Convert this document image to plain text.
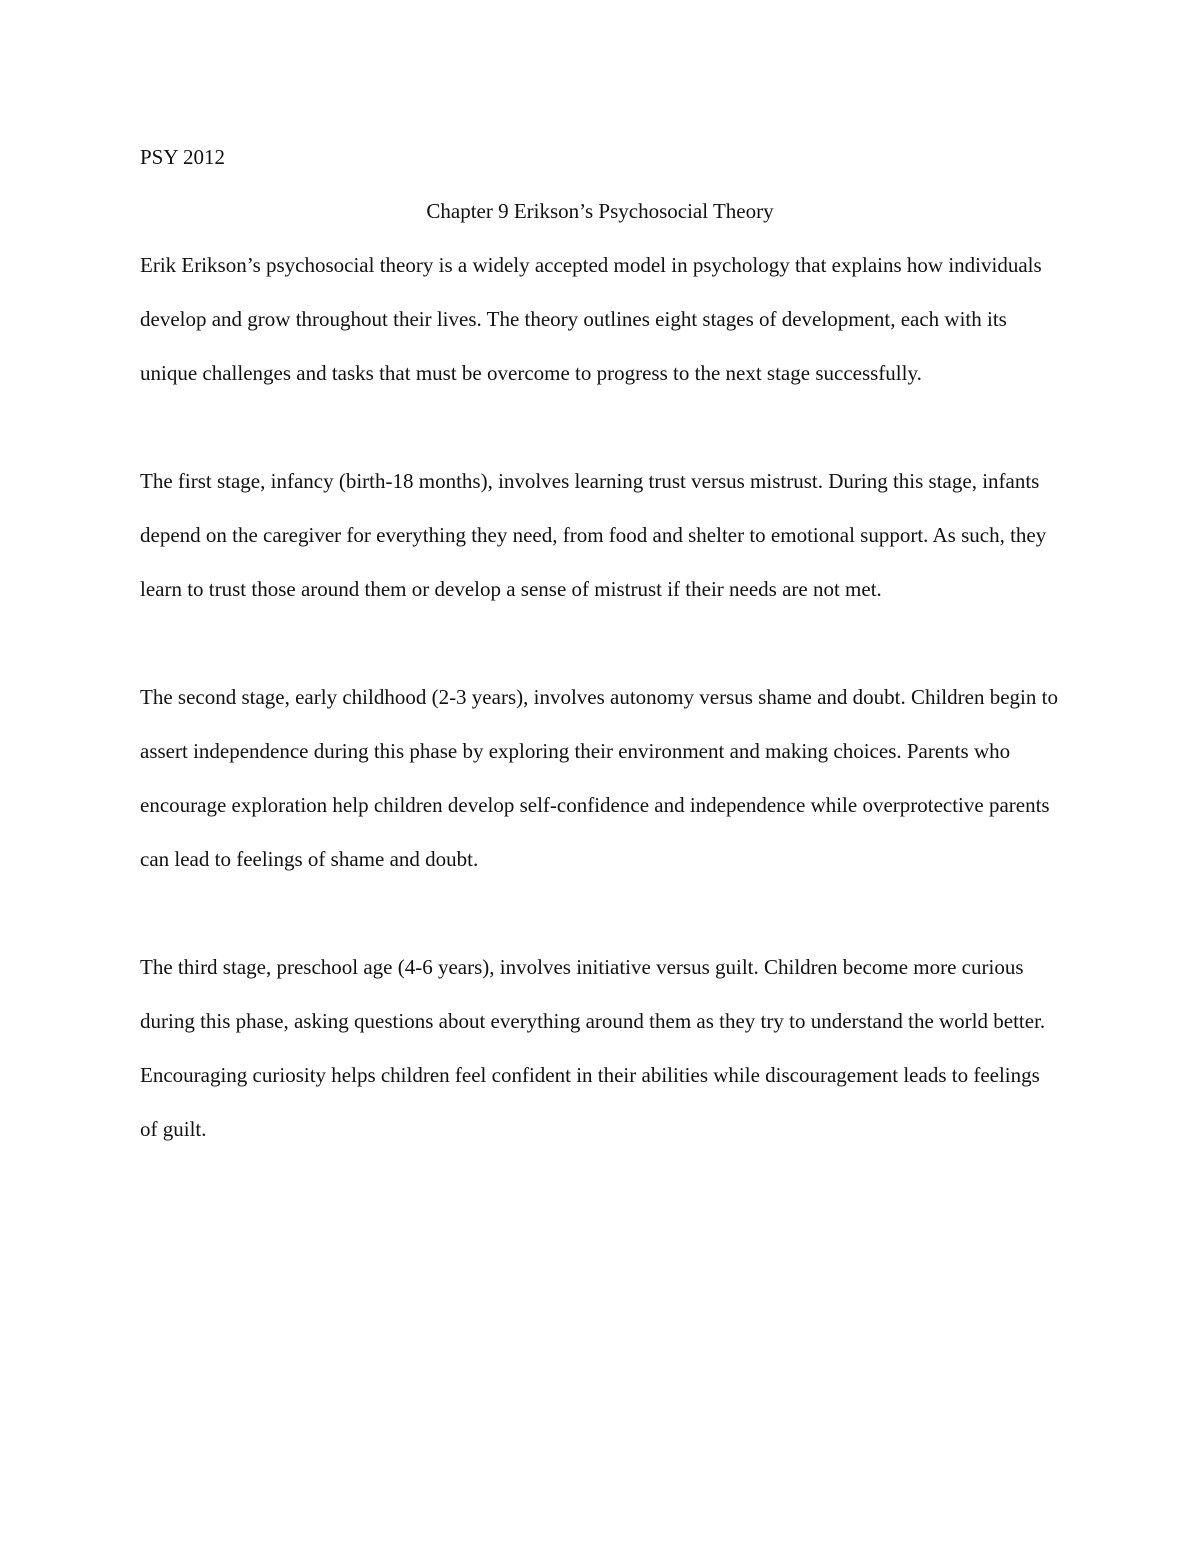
PSY 2012

Chapter 9 Erikson’s Psychosocial Theory

Erik Erikson’s psychosocial theory is a widely accepted model in psychology that explains how individuals develop and grow throughout their lives. The theory outlines eight stages of development, each with its unique challenges and tasks that must be overcome to progress to the next stage successfully.

The first stage, infancy (birth-18 months), involves learning trust versus mistrust. During this stage, infants depend on the caregiver for everything they need, from food and shelter to emotional support. As such, they learn to trust those around them or develop a sense of mistrust if their needs are not met.

The second stage, early childhood (2-3 years), involves autonomy versus shame and doubt. Children begin to assert independence during this phase by exploring their environment and making choices. Parents who encourage exploration help children develop self-confidence and independence while overprotective parents can lead to feelings of shame and doubt.

The third stage, preschool age (4-6 years), involves initiative versus guilt. Children become more curious during this phase, asking questions about everything around them as they try to understand the world better. Encouraging curiosity helps children feel confident in their abilities while discouragement leads to feelings of guilt.
